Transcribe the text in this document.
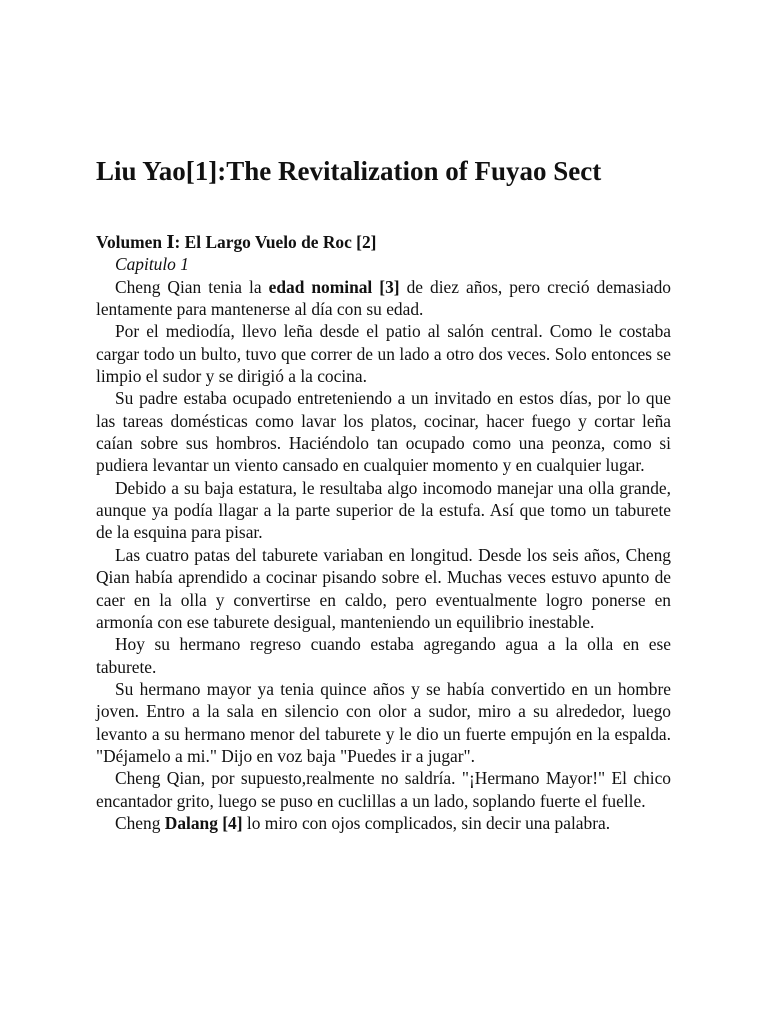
Liu Yao[1]:The Revitalization of Fuyao Sect

Volumen Ⅰ: El Largo Vuelo de Roc [2]

Capitulo 1

Cheng Qian tenia la edad nominal [3] de diez años, pero creció demasiado lentamente para mantenerse al día con su edad.

Por el mediodía, llevo leña desde el patio al salón central. Como le costaba cargar todo un bulto, tuvo que correr de un lado a otro dos veces. Solo entonces se limpio el sudor y se dirigió a la cocina.

Su padre estaba ocupado entreteniendo a un invitado en estos días, por lo que las tareas domésticas como lavar los platos, cocinar, hacer fuego y cortar leña caían sobre sus hombros. Haciéndolo tan ocupado como una peonza, como si pudiera levantar un viento cansado en cualquier momento y en cualquier lugar.

Debido a su baja estatura, le resultaba algo incomodo manejar una olla grande, aunque ya podía llagar a la parte superior de la estufa. Así que tomo un taburete de la esquina para pisar.

Las cuatro patas del taburete variaban en longitud. Desde los seis años, Cheng Qian había aprendido a cocinar pisando sobre el. Muchas veces estuvo apunto de caer en la olla y convertirse en caldo, pero eventualmente logro ponerse en armonía con ese taburete desigual, manteniendo un equilibrio inestable.

Hoy su hermano regreso cuando estaba agregando agua a la olla en ese taburete.

Su hermano mayor ya tenia quince años y se había convertido en un hombre joven. Entro a la sala en silencio con olor a sudor, miro a su alrededor, luego levanto a su hermano menor del taburete y le dio un fuerte empujón en la espalda. "Déjamelo a mi." Dijo en voz baja "Puedes ir a jugar".

Cheng Qian, por supuesto,realmente no saldría. "¡Hermano Mayor!" El chico encantador grito, luego se puso en cuclillas a un lado, soplando fuerte el fuelle.

Cheng Dalang [4] lo miro con ojos complicados, sin decir una palabra.
